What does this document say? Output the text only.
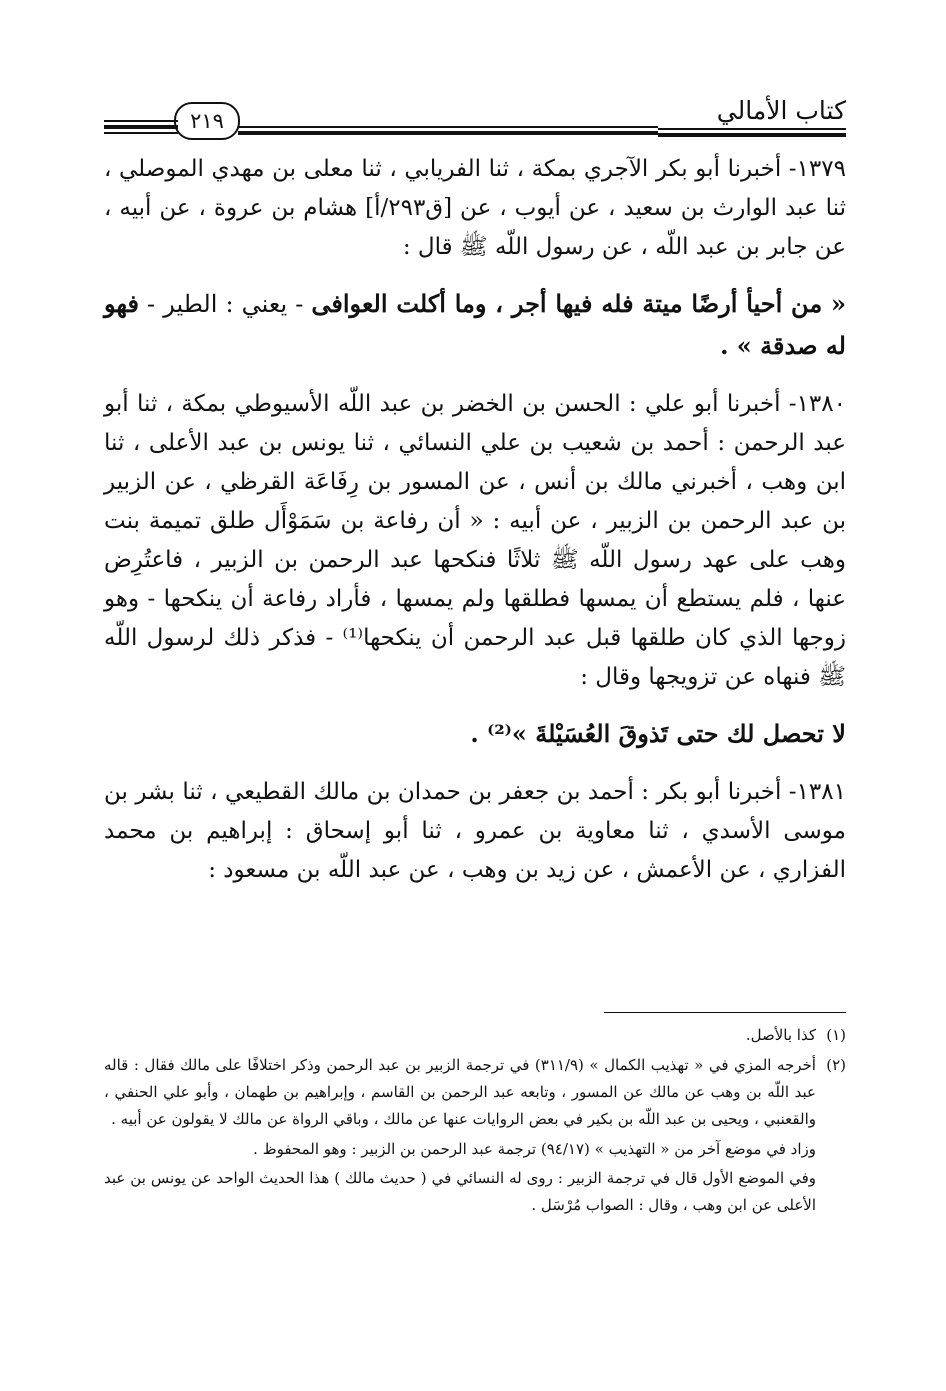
كتاب الأمالي
٢١٩

١٣٧٩- أخبرنا أبو بكر الآجري بمكة ، ثنا الفريابي ، ثنا معلى بن مهدي الموصلي ، ثنا عبد الوارث بن سعيد ، عن أيوب ، عن [ق٢٩٣/أ] هشام بن عروة ، عن أبيه ، عن جابر بن عبد اللّه ، عن رسول اللّه ﷺ قال :

« من أحيأ أرضًا ميتة فله فيها أجر ، وما أكلت العوافى - يعني : الطير - فهو له صدقة » .

١٣٨٠- أخبرنا أبو علي : الحسن بن الخضر بن عبد اللّه الأسيوطي بمكة ، ثنا أبو عبد الرحمن : أحمد بن شعيب بن علي النسائي ، ثنا يونس بن عبد الأعلى ، ثنا ابن وهب ، أخبرني مالك بن أنس ، عن المسور بن رِفَاعَة القرظي ، عن الزبير بن عبد الرحمن بن الزبير ، عن أبيه : « أن رفاعة بن سَمَوْأَل طلق تميمة بنت وهب على عهد رسول اللّه ﷺ ثلاثًا فنكحها عبد الرحمن بن الزبير ، فاعتُرِض عنها ، فلم يستطع أن يمسها فطلقها ولم يمسها ، فأراد رفاعة أن ينكحها - وهو زوجها الذي كان طلقها قبل عبد الرحمن أن ينكحها⁽¹⁾ - فذكر ذلك لرسول اللّه ﷺ فنهاه عن تزويجها وقال :

لا تحصل لك حتى تَذوقَ العُسَيْلةَ »⁽²⁾ .

١٣٨١- أخبرنا أبو بكر : أحمد بن جعفر بن حمدان بن مالك القطيعي ، ثنا بشر بن موسى الأسدي ، ثنا معاوية بن عمرو ، ثنا أبو إسحاق : إبراهيم بن محمد الفزاري ، عن الأعمش ، عن زيد بن وهب ، عن عبد اللّه بن مسعود :

(١)
كذا بالأصل.
(٢)
أخرجه المزي في « تهذيب الكمال » (٣١١/٩) في ترجمة الزبير بن عبد الرحمن وذكر اختلافًا على مالك فقال : قاله عبد اللّه بن وهب عن مالك عن المسور ، وتابعه عبد الرحمن بن القاسم ، وإبراهيم بن طهمان ، وأبو علي الحنفي ، والقعنبي ، ويحيى بن عبد اللّه بن بكير في بعض الروايات عنها عن مالك ، وباقي الرواة عن مالك لا يقولون عن أبيه .
وزاد في موضع آخر من « التهذيب » (٩٤/١٧) ترجمة عبد الرحمن بن الزبير : وهو المحفوظ .
وفي الموضع الأول قال في ترجمة الزبير : روى له النسائي في ( حديث مالك ) هذا الحديث الواحد عن يونس بن عبد الأعلى عن ابن وهب ، وقال : الصواب مُرْسَل .
